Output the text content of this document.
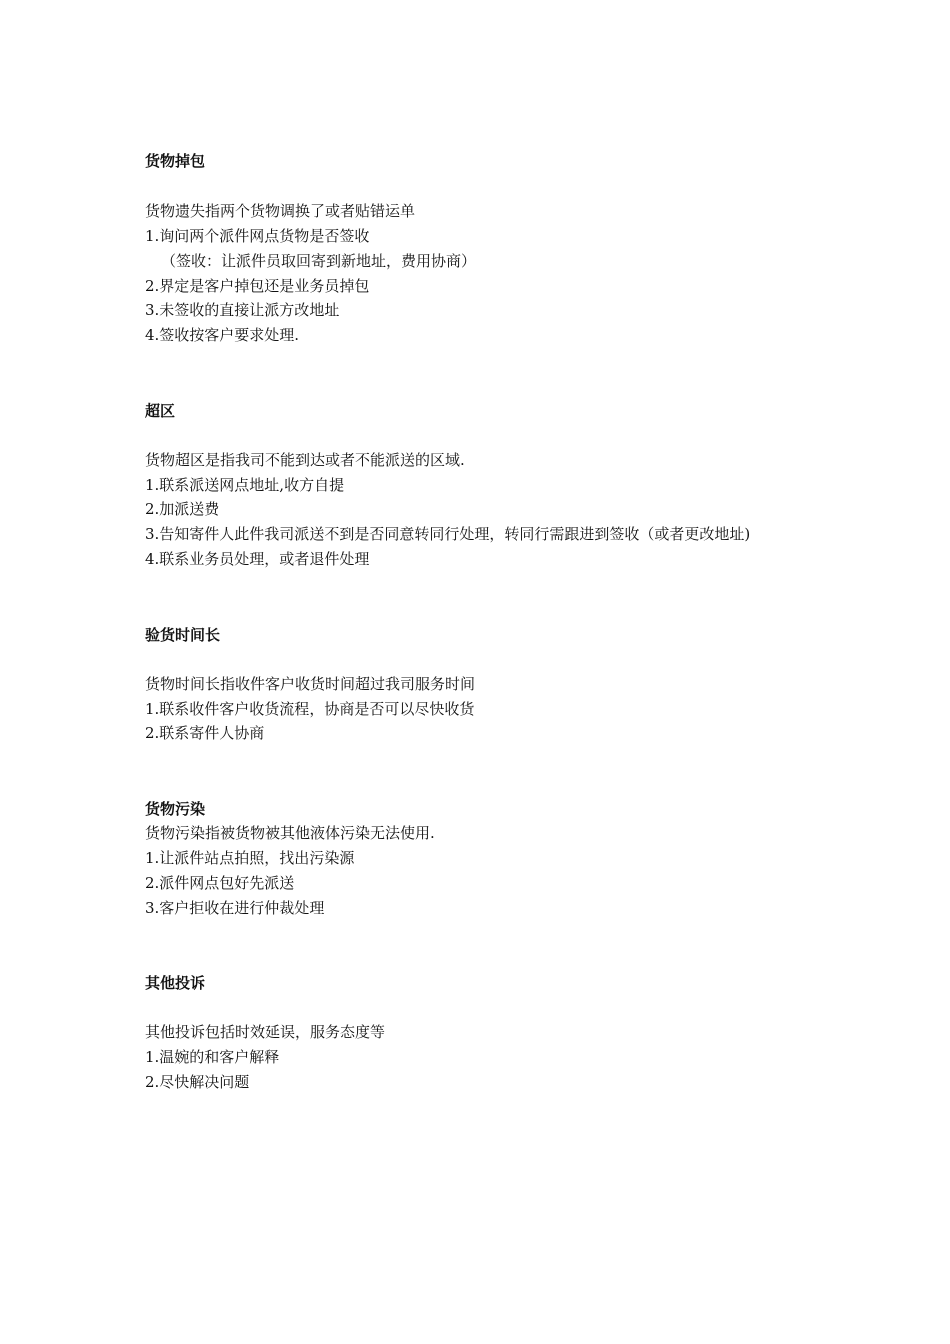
货物掉包
货物遗失指两个货物调换了或者贴错运单
1.询问两个派件网点货物是否签收
（签收：让派件员取回寄到新地址，费用协商）
2.界定是客户掉包还是业务员掉包
3.未签收的直接让派方改地址
4.签收按客户要求处理.
超区
货物超区是指我司不能到达或者不能派送的区域.
1.联系派送网点地址,收方自提
2.加派送费
3.告知寄件人此件我司派送不到是否同意转同行处理，转同行需跟进到签收（或者更改地址)
4.联系业务员处理，或者退件处理
验货时间长
货物时间长指收件客户收货时间超过我司服务时间
1.联系收件客户收货流程，协商是否可以尽快收货
2.联系寄件人协商
货物污染
货物污染指被货物被其他液体污染无法使用.
1.让派件站点拍照，找出污染源
2.派件网点包好先派送
3.客户拒收在进行仲裁处理
其他投诉
其他投诉包括时效延误，服务态度等
1.温婉的和客户解释
2.尽快解决问题
